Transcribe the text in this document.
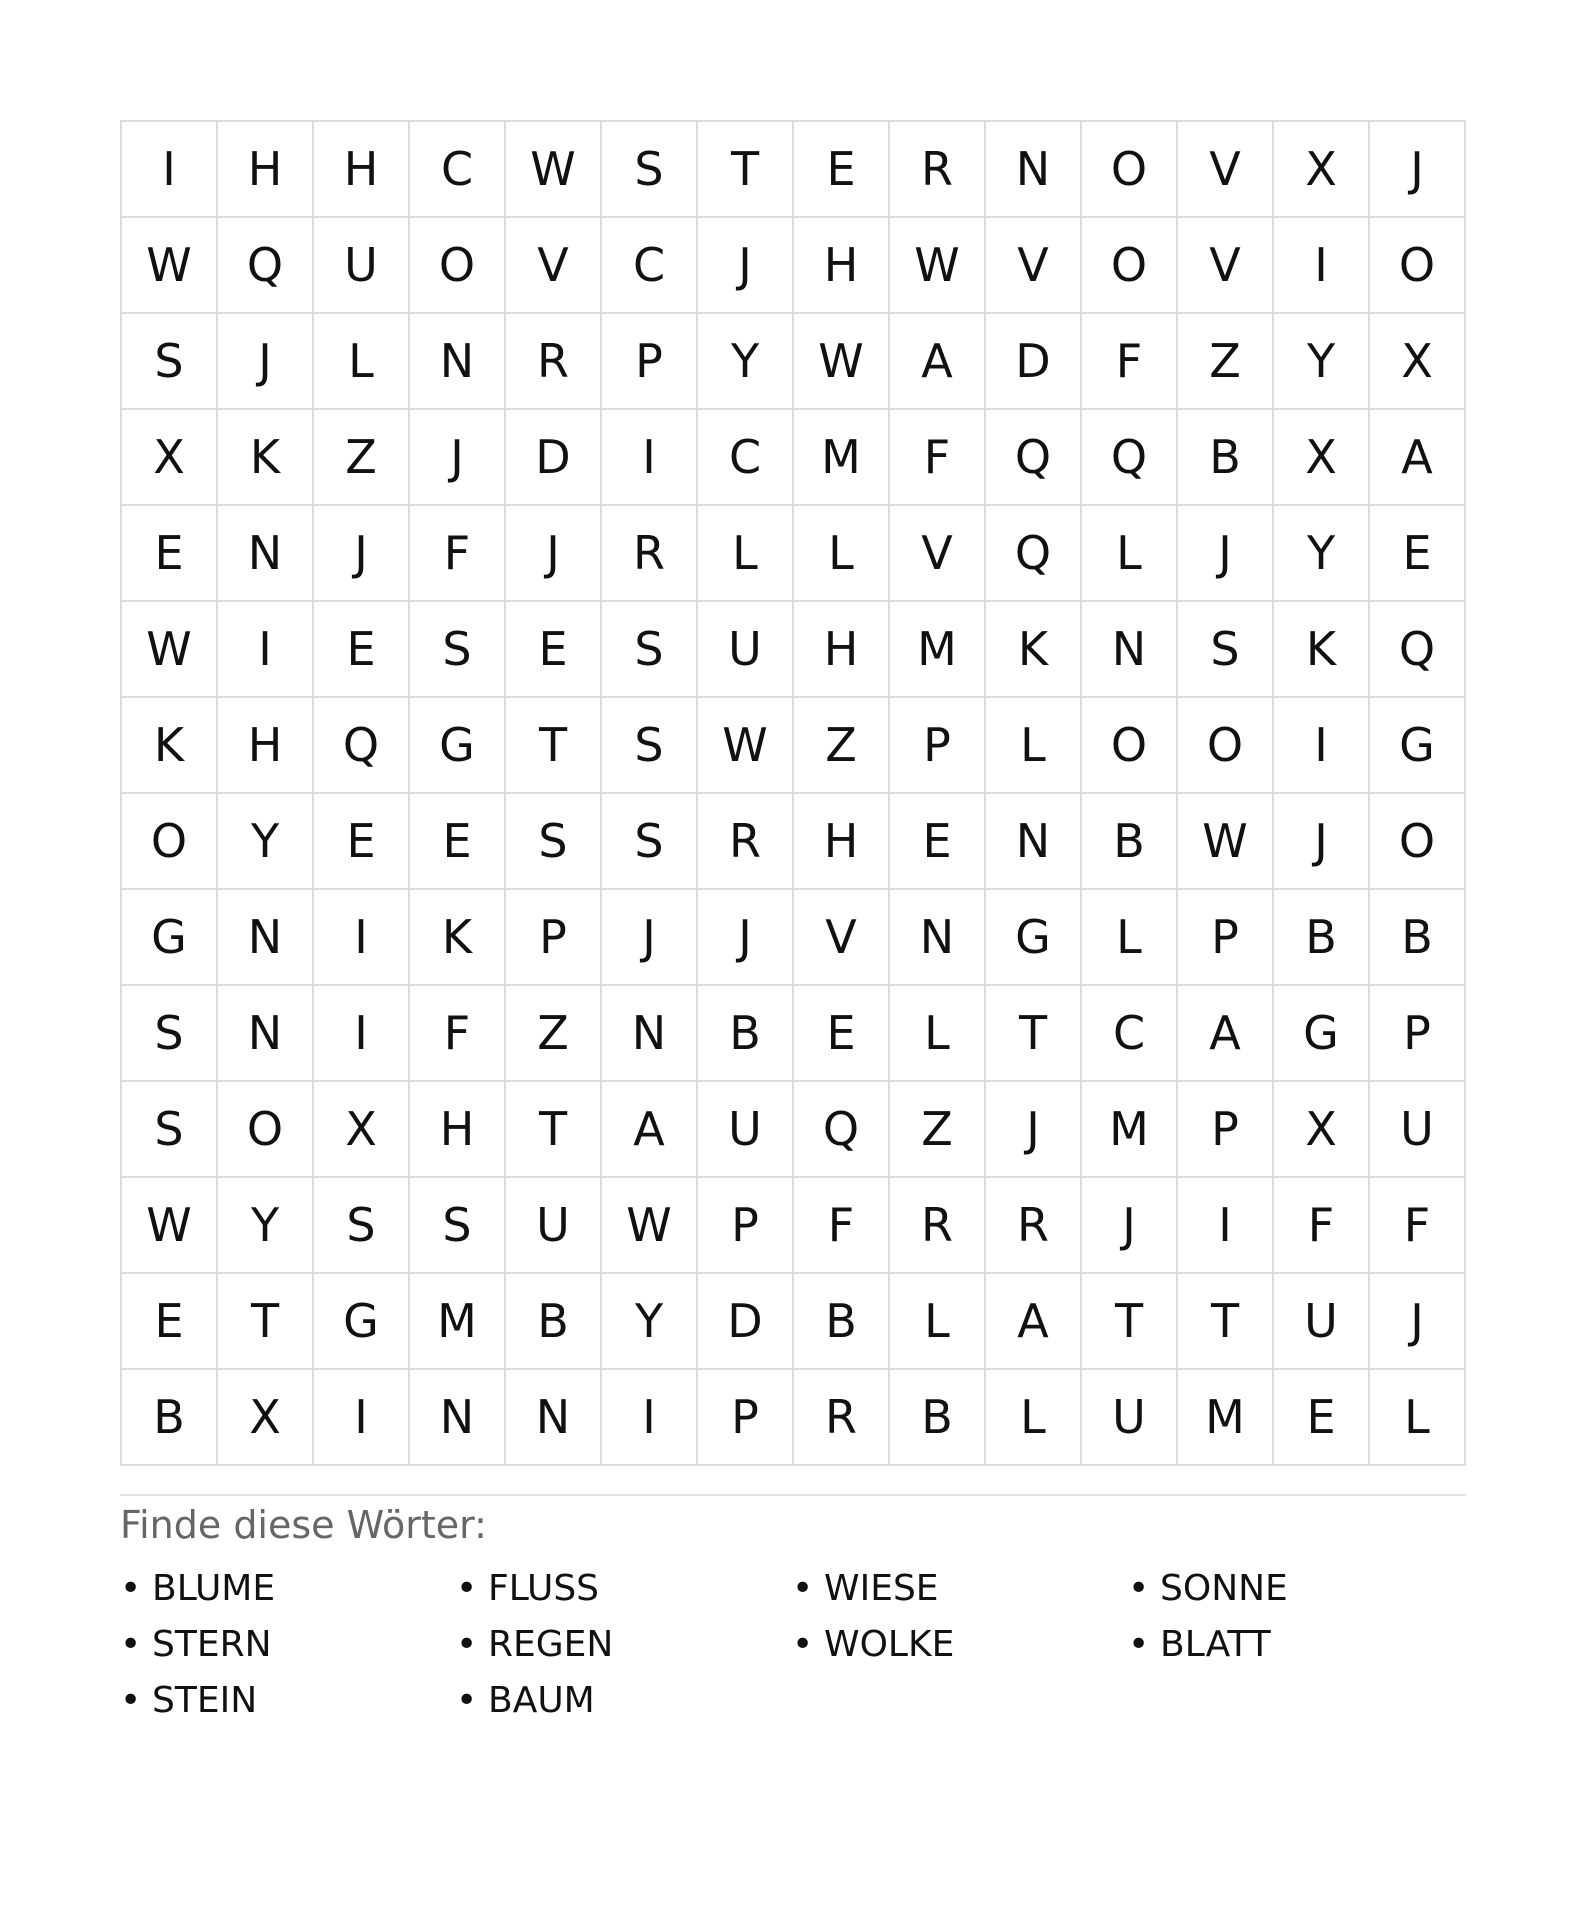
I	H	H	C	W	S	T	E	R	N	O	V	X	J
W	Q	U	O	V	C	J	H	W	V	O	V	I	O
S	J	L	N	R	P	Y	W	A	D	F	Z	Y	X
X	K	Z	J	D	I	C	M	F	Q	Q	B	X	A
E	N	J	F	J	R	L	L	V	Q	L	J	Y	E
W	I	E	S	E	S	U	H	M	K	N	S	K	Q
K	H	Q	G	T	S	W	Z	P	L	O	O	I	G
O	Y	E	E	S	S	R	H	E	N	B	W	J	O
G	N	I	K	P	J	J	V	N	G	L	P	B	B
S	N	I	F	Z	N	B	E	L	T	C	A	G	P
S	O	X	H	T	A	U	Q	Z	J	M	P	X	U
W	Y	S	S	U	W	P	F	R	R	J	I	F	F
E	T	G	M	B	Y	D	B	L	A	T	T	U	J
B	X	I	N	N	I	P	R	B	L	U	M	E	L
Finde diese Wörter:
• BLUME	• FLUSS	• WIESE	• SONNE
• STERN	• REGEN	• WOLKE	• BLATT
• STEIN	• BAUM
